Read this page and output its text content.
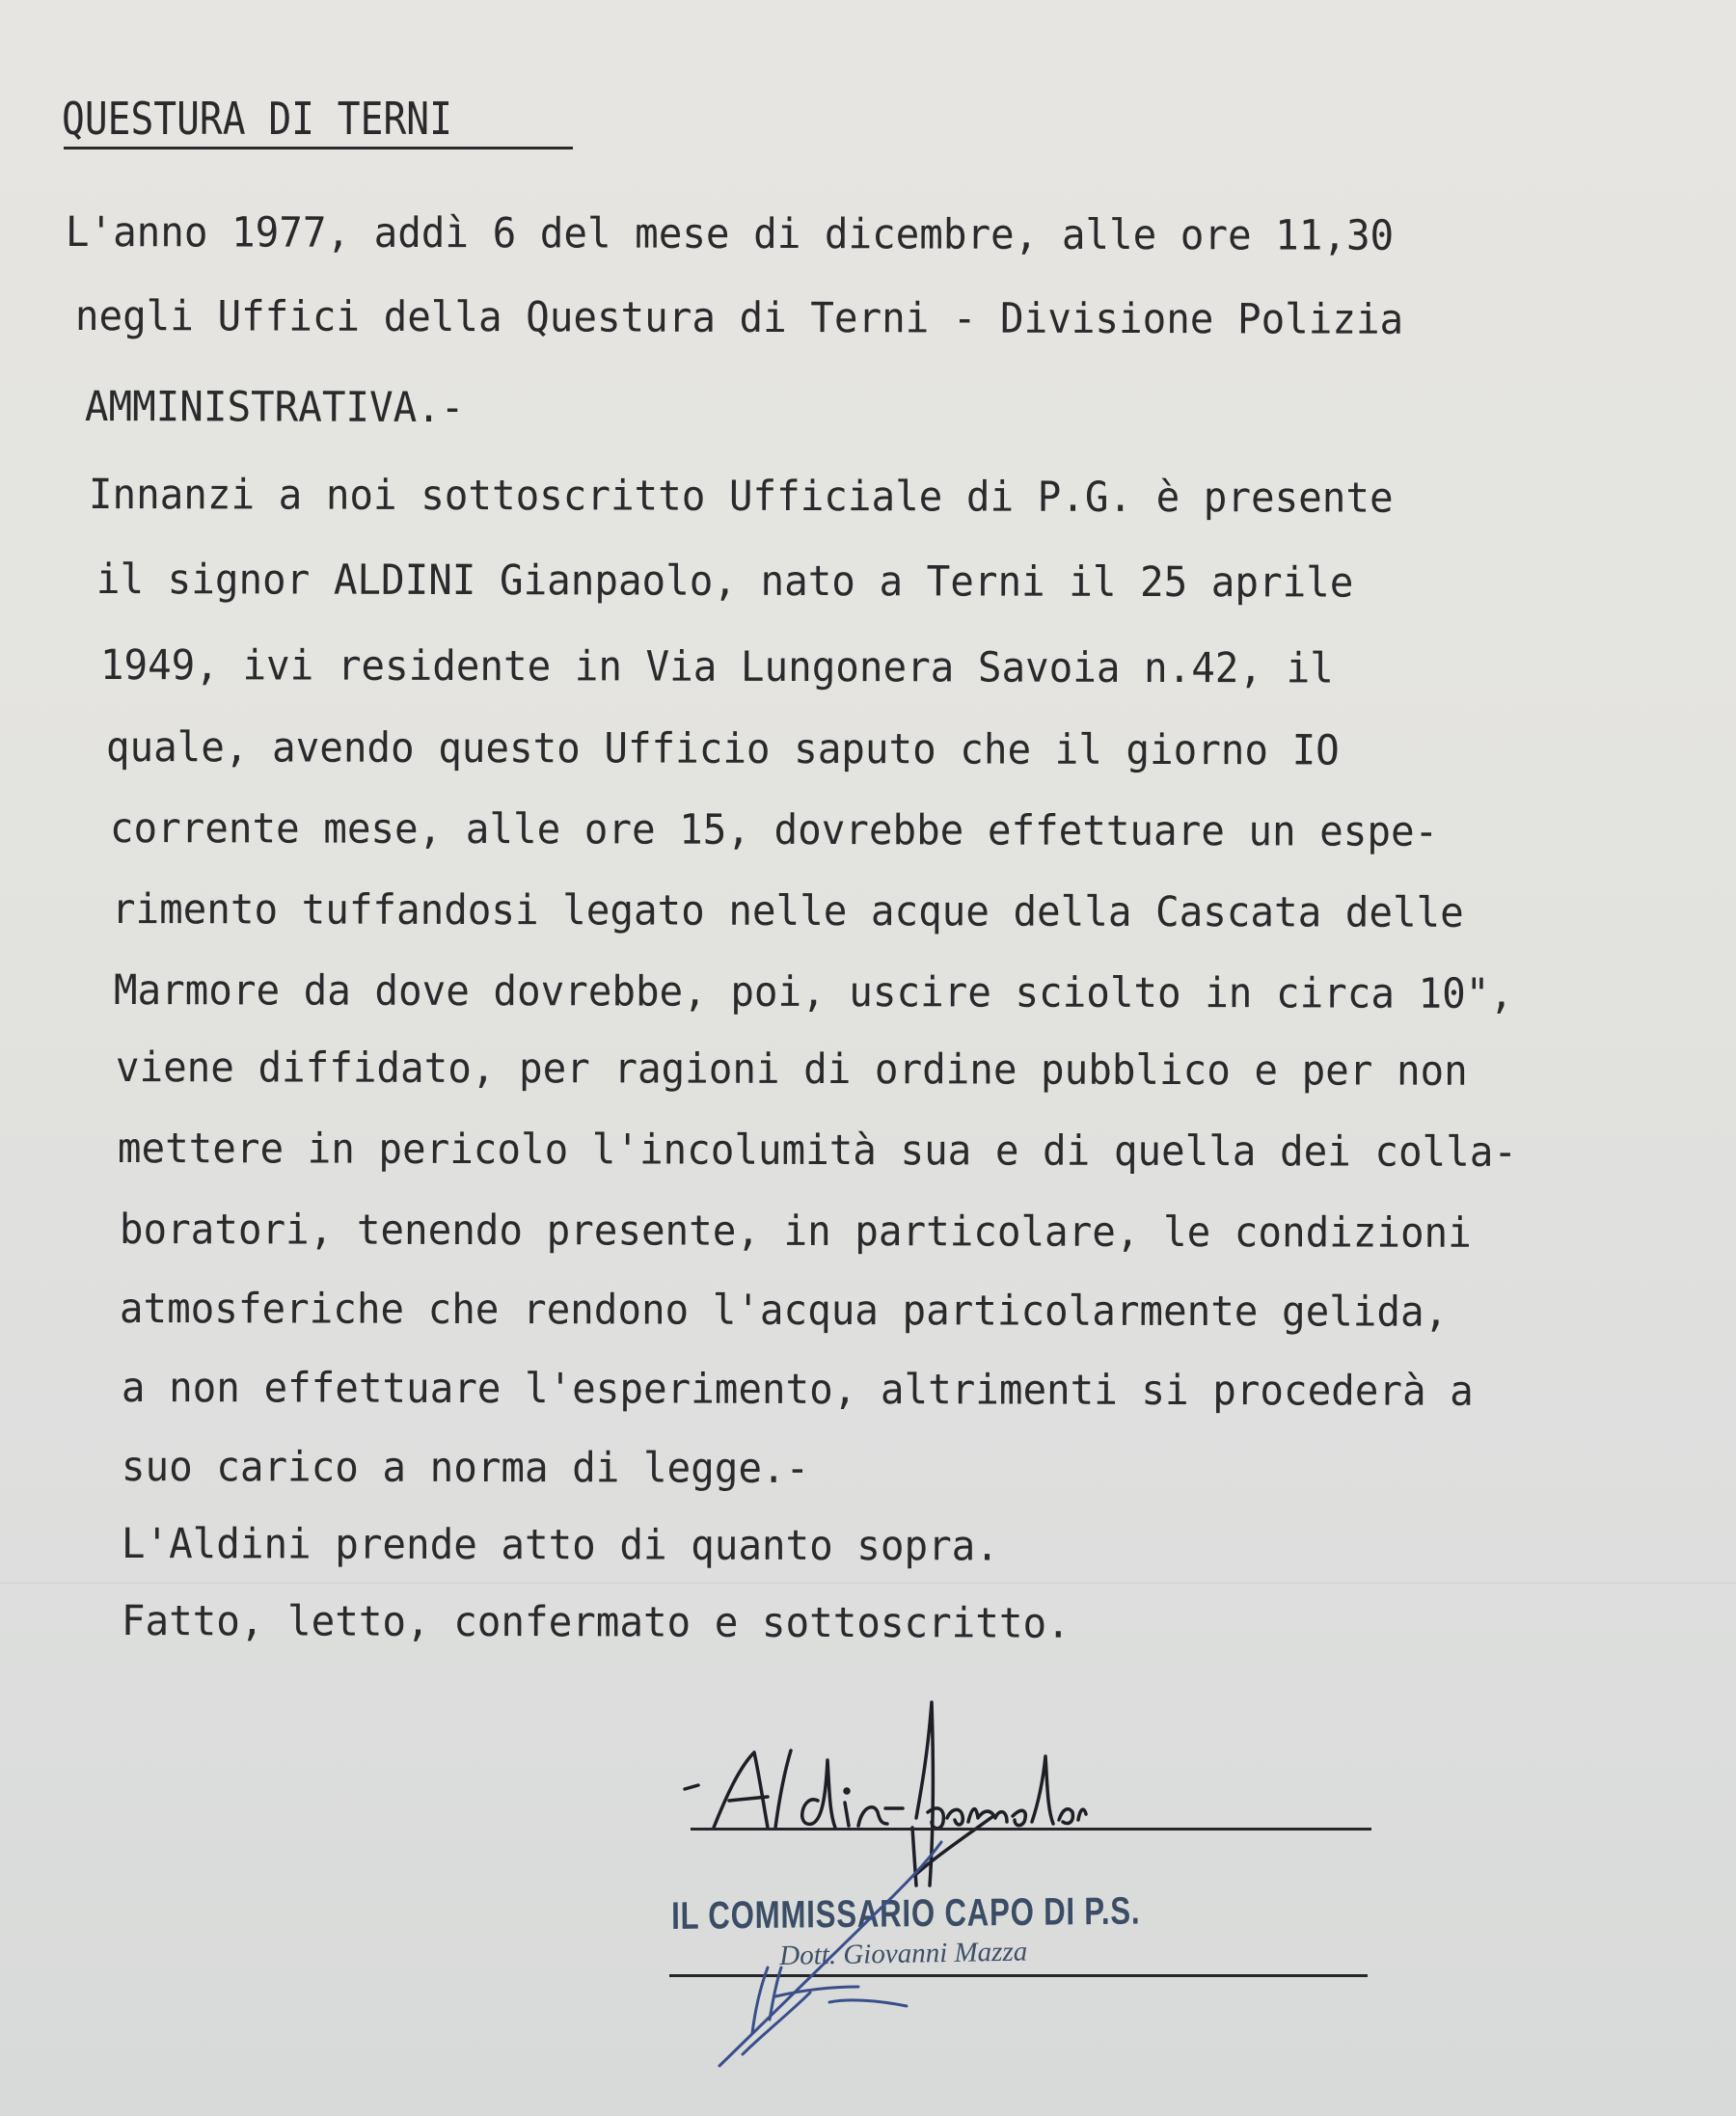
QUESTURA DI TERNI

L'anno 1977, addì 6 del mese di dicembre, alle ore 11,30

negli Uffici della Questura di Terni - Divisione Polizia

AMMINISTRATIVA.-

Innanzi a noi sottoscritto Ufficiale di P.G. è presente

il signor ALDINI Gianpaolo, nato a Terni il 25 aprile

1949, ivi residente in Via Lungonera Savoia n.42, il

quale, avendo questo Ufficio saputo che il giorno IO

corrente mese, alle ore 15, dovrebbe effettuare un espe-

rimento tuffandosi legato nelle acque della Cascata delle

Marmore da dove dovrebbe, poi, uscire sciolto in circa 10",

viene diffidato, per ragioni di ordine pubblico e per non

mettere in pericolo l'incolumità sua e di quella dei colla-

boratori, tenendo presente, in particolare, le condizioni

atmosferiche che rendono l'acqua particolarmente gelida,

a non effettuare l'esperimento, altrimenti si procederà a

suo carico a norma di legge.-

L'Aldini prende atto di quanto sopra.

Fatto, letto, confermato e sottoscritto.

IL COMMISSARIO CAPO DI P.S.

Dott. Giovanni Mazza
